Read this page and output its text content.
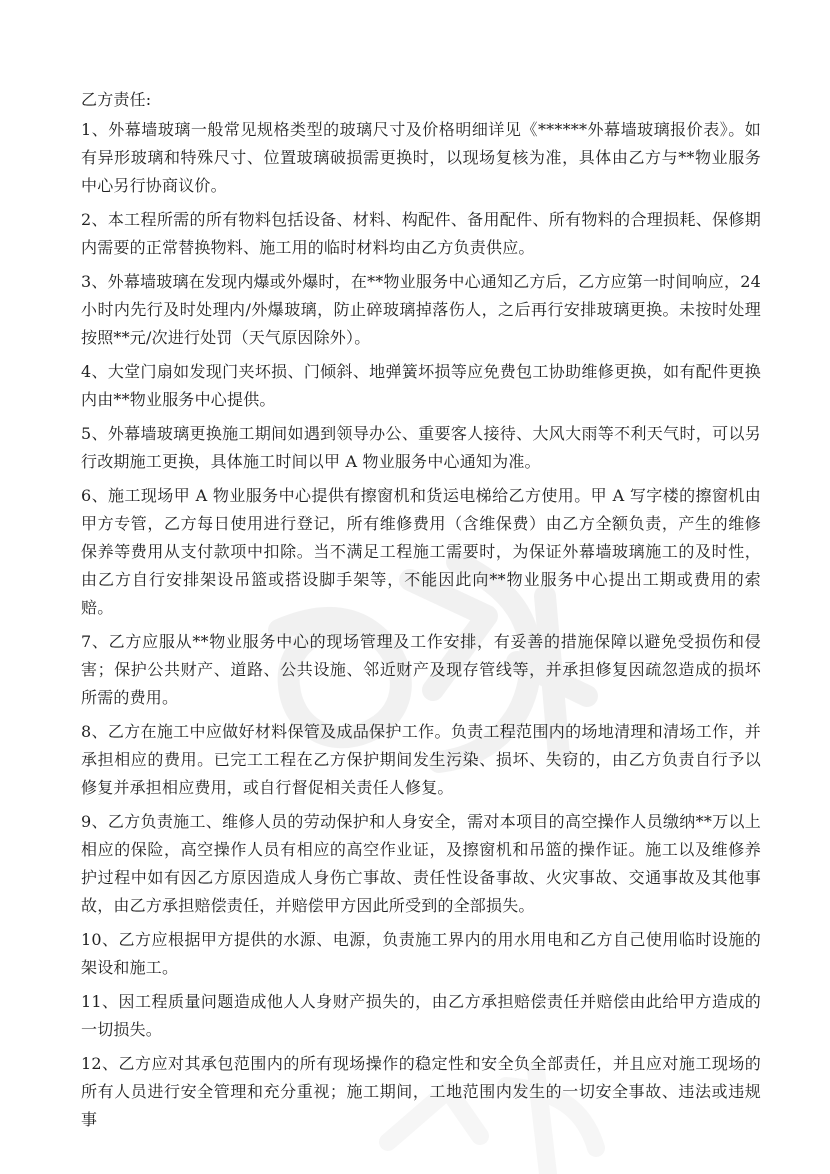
乙方责任:

1、外幕墙玻璃一般常见规格类型的玻璃尺寸及价格明细详见《******外幕墙玻璃报价表》。如有异形玻璃和特殊尺寸、位置玻璃破损需更换时，以现场复核为准，具体由乙方与**物业服务中心另行协商议价。
2、本工程所需的所有物料包括设备、材料、构配件、备用配件、所有物料的合理损耗、保修期内需要的正常替换物料、施工用的临时材料均由乙方负责供应。
3、外幕墙玻璃在发现内爆或外爆时，在**物业服务中心通知乙方后，乙方应第一时间响应，24小时内先行及时处理内/外爆玻璃，防止碎玻璃掉落伤人，之后再行安排玻璃更换。未按时处理按照**元/次进行处罚（天气原因除外）。
4、大堂门扇如发现门夹坏损、门倾斜、地弹簧坏损等应免费包工协助维修更换，如有配件更换内由**物业服务中心提供。
5、外幕墙玻璃更换施工期间如遇到领导办公、重要客人接待、大风大雨等不利天气时，可以另行改期施工更换，具体施工时间以甲 A 物业服务中心通知为准。
6、施工现场甲 A 物业服务中心提供有擦窗机和货运电梯给乙方使用。甲 A 写字楼的擦窗机由甲方专管，乙方每日使用进行登记，所有维修费用（含维保费）由乙方全额负责，产生的维修保养等费用从支付款项中扣除。当不满足工程施工需要时，为保证外幕墙玻璃施工的及时性，由乙方自行安排架设吊篮或搭设脚手架等，不能因此向**物业服务中心提出工期或费用的索赔。
7、乙方应服从**物业服务中心的现场管理及工作安排，有妥善的措施保障以避免受损伤和侵害；保护公共财产、道路、公共设施、邻近财产及现存管线等，并承担修复因疏忽造成的损坏所需的费用。
8、乙方在施工中应做好材料保管及成品保护工作。负责工程范围内的场地清理和清场工作，并承担相应的费用。已完工工程在乙方保护期间发生污染、损坏、失窃的，由乙方负责自行予以修复并承担相应费用，或自行督促相关责任人修复。
9、乙方负责施工、维修人员的劳动保护和人身安全，需对本项目的高空操作人员缴纳**万以上相应的保险，高空操作人员有相应的高空作业证，及擦窗机和吊篮的操作证。施工以及维修养护过程中如有因乙方原因造成人身伤亡事故、责任性设备事故、火灾事故、交通事故及其他事故，由乙方承担赔偿责任，并赔偿甲方因此所受到的全部损失。
10、乙方应根据甲方提供的水源、电源，负责施工界内的用水用电和乙方自己使用临时设施的架设和施工。
11、因工程质量问题造成他人人身财产损失的，由乙方承担赔偿责任并赔偿由此给甲方造成的一切损失。
12、乙方应对其承包范围内的所有现场操作的稳定性和安全负全部责任，并且应对施工现场的所有人员进行安全管理和充分重视；施工期间，工地范围内发生的一切安全事故、违法或违规事
